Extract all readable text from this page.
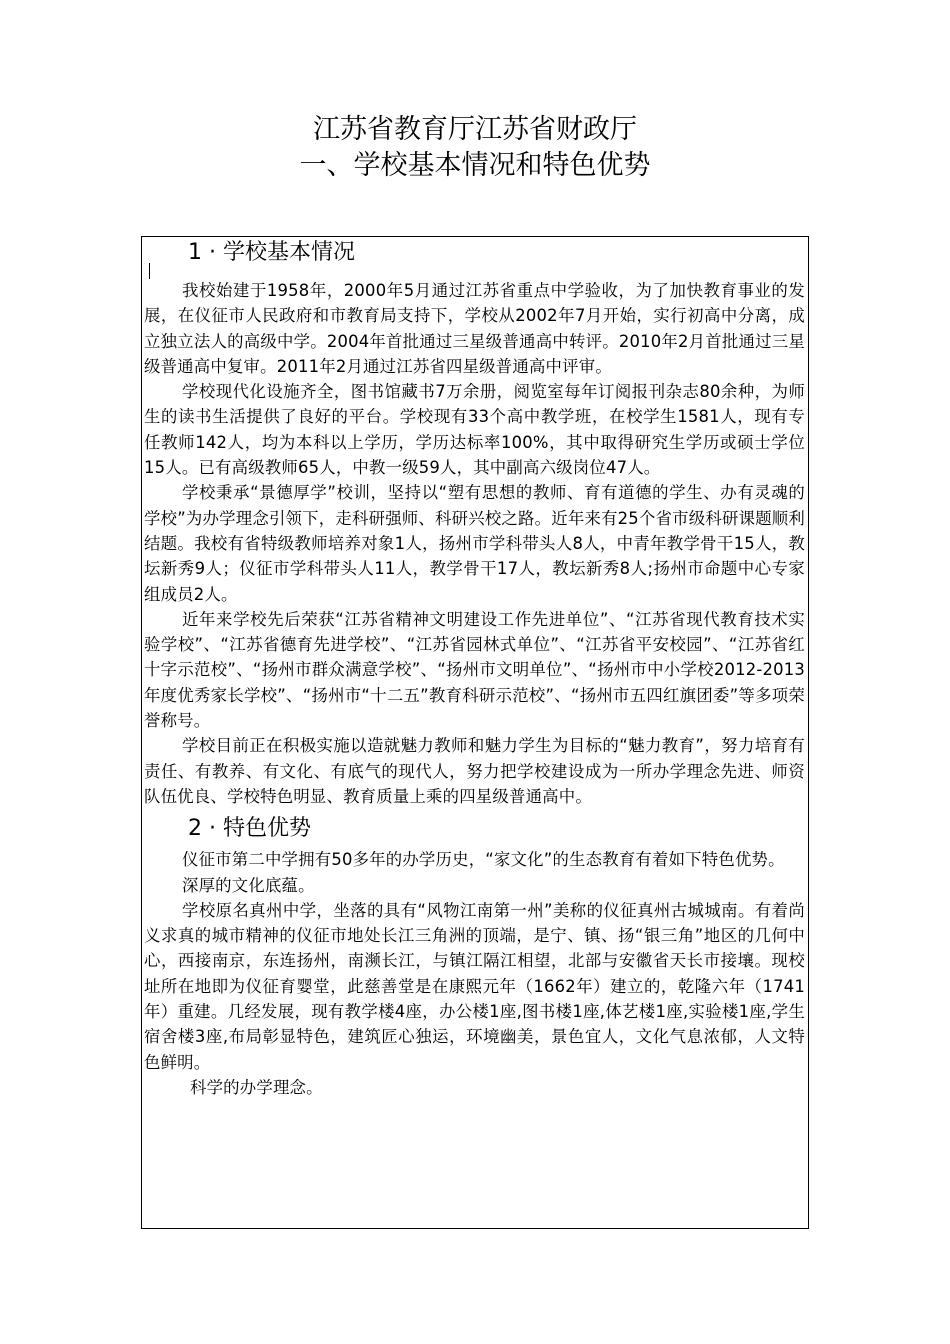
江苏省教育厅江苏省财政厅
一、学校基本情况和特色优势
1 · 学校基本情况

我校始建于1958年，2000年5月通过江苏省重点中学验收，为了加快教育事业的发展，在仪征市人民政府和市教育局支持下，学校从2002年7月开始，实行初高中分离，成立独立法人的高级中学。2004年首批通过三星级普通高中转评。2010年2月首批通过三星级普通高中复审。2011年2月通过江苏省四星级普通高中评审。

学校现代化设施齐全，图书馆藏书7万余册，阅览室每年订阅报刊杂志80余种，为师生的读书生活提供了良好的平台。学校现有33个高中教学班，在校学生1581人，现有专任教师142人，均为本科以上学历，学历达标率100%，其中取得研究生学历或硕士学位15人。已有高级教师65人，中教一级59人，其中副高六级岗位47人。

学校秉承“景德厚学”校训，坚持以“塑有思想的教师、育有道德的学生、办有灵魂的学校”为办学理念引领下，走科研强师、科研兴校之路。近年来有25个省市级科研课题顺利结题。我校有省特级教师培养对象1人，扬州市学科带头人8人，中青年教学骨干15人，教坛新秀9人；仪征市学科带头人11人，教学骨干17人，教坛新秀8人;扬州市命题中心专家组成员2人。

近年来学校先后荣获“江苏省精神文明建设工作先进单位”、“江苏省现代教育技术实验学校”、“江苏省德育先进学校”、“江苏省园林式单位”、“江苏省平安校园”、“江苏省红十字示范校”、“扬州市群众满意学校”、“扬州市文明单位”、“扬州市中小学校2012-2013年度优秀家长学校”、“扬州市“十二五”教育科研示范校”、“扬州市五四红旗团委”等多项荣誉称号。

学校目前正在积极实施以造就魅力教师和魅力学生为目标的“魅力教育”，努力培育有责任、有教养、有文化、有底气的现代人，努力把学校建设成为一所办学理念先进、师资队伍优良、学校特色明显、教育质量上乘的四星级普通高中。

2 · 特色优势

仪征市第二中学拥有50多年的办学历史，“家文化”的生态教育有着如下特色优势。

深厚的文化底蕴。

学校原名真州中学，坐落的具有“风物江南第一州”美称的仪征真州古城城南。有着尚义求真的城市精神的仪征市地处长江三角洲的顶端，是宁、镇、扬“银三角”地区的几何中心，西接南京，东连扬州，南濒长江，与镇江隔江相望，北部与安徽省天长市接壤。现校址所在地即为仪征育婴堂，此慈善堂是在康熙元年（1662年）建立的，乾隆六年（1741年）重建。几经发展，现有教学楼4座，办公楼1座,图书楼1座,体艺楼1座,实验楼1座,学生宿舍楼3座,布局彰显特色，建筑匠心独运，环境幽美，景色宜人，文化气息浓郁，人文特色鲜明。

科学的办学理念。
